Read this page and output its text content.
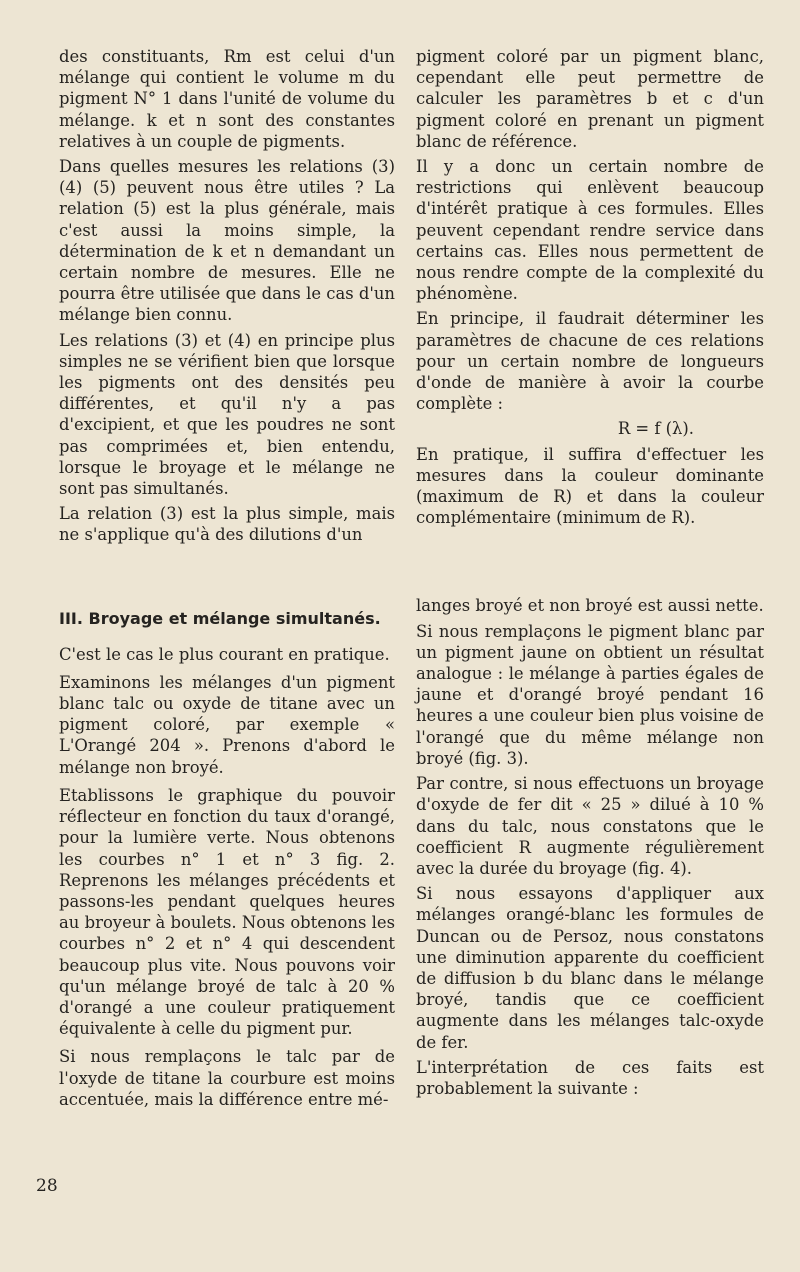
des constituants, Rm est celui d'un mélange qui contient le volume m du pigment N° 1 dans l'unité de volume du mélange. k et n sont des constantes relatives à un couple de pigments.

Dans quelles mesures les relations (3) (4) (5) peuvent nous être utiles ? La relation (5) est la plus générale, mais c'est aussi la moins simple, la détermination de k et n demandant un certain nombre de mesures. Elle ne pourra être utilisée que dans le cas d'un mélange bien connu.

Les relations (3) et (4) en principe plus simples ne se vérifient bien que lorsque les pigments ont des densités peu différentes, et qu'il n'y a pas d'excipient, et que les poudres ne sont pas comprimées et, bien entendu, lorsque le broyage et le mélange ne sont pas simultanés.

La relation (3) est la plus simple, mais ne s'applique qu'à des dilutions d'un

III. Broyage et mélange simultanés.

C'est le cas le plus courant en pratique.

Examinons les mélanges d'un pigment blanc talc ou oxyde de titane avec un pigment coloré, par exemple « L'Orangé 204 ». Prenons d'abord le mélange non broyé.

Etablissons le graphique du pouvoir réflecteur en fonction du taux d'orangé, pour la lumière verte. Nous obtenons les courbes n° 1 et n° 3 fig. 2. Reprenons les mélanges précédents et passons-les pendant quelques heures au broyeur à boulets. Nous obtenons les courbes n° 2 et n° 4 qui descendent beaucoup plus vite. Nous pouvons voir qu'un mélange broyé de talc à 20 % d'orangé a une couleur pratiquement équivalente à celle du pigment pur.

Si nous remplaçons le talc par de l'oxyde de titane la courbure est moins accentuée, mais la différence entre mé-

pigment coloré par un pigment blanc, cependant elle peut permettre de calculer les paramètres b et c d'un pigment coloré en prenant un pigment blanc de référence.

Il y a donc un certain nombre de restrictions qui enlèvent beaucoup d'intérêt pratique à ces formules. Elles peuvent cependant rendre service dans certains cas. Elles nous permettent de nous rendre compte de la complexité du phénomène.

En principe, il faudrait déterminer les paramètres de chacune de ces relations pour un certain nombre de longueurs d'onde de manière à avoir la courbe complète :

R = f (λ).

En pratique, il suffira d'effectuer les mesures dans la couleur dominante (maximum de R) et dans la couleur complémentaire (minimum de R).

langes broyé et non broyé est aussi nette.

Si nous remplaçons le pigment blanc par un pigment jaune on obtient un résultat analogue : le mélange à parties égales de jaune et d'orangé broyé pendant 16 heures a une couleur bien plus voisine de l'orangé que du même mélange non broyé (fig. 3).

Par contre, si nous effectuons un broyage d'oxyde de fer dit « 25 » dilué à 10 % dans du talc, nous constatons que le coefficient R augmente régulièrement avec la durée du broyage (fig. 4).

Si nous essayons d'appliquer aux mélanges orangé-blanc les formules de Duncan ou de Persoz, nous constatons une diminution apparente du coefficient de diffusion b du blanc dans le mélange broyé, tandis que ce coefficient augmente dans les mélanges talc-oxyde de fer.

L'interprétation de ces faits est probablement la suivante :

28
